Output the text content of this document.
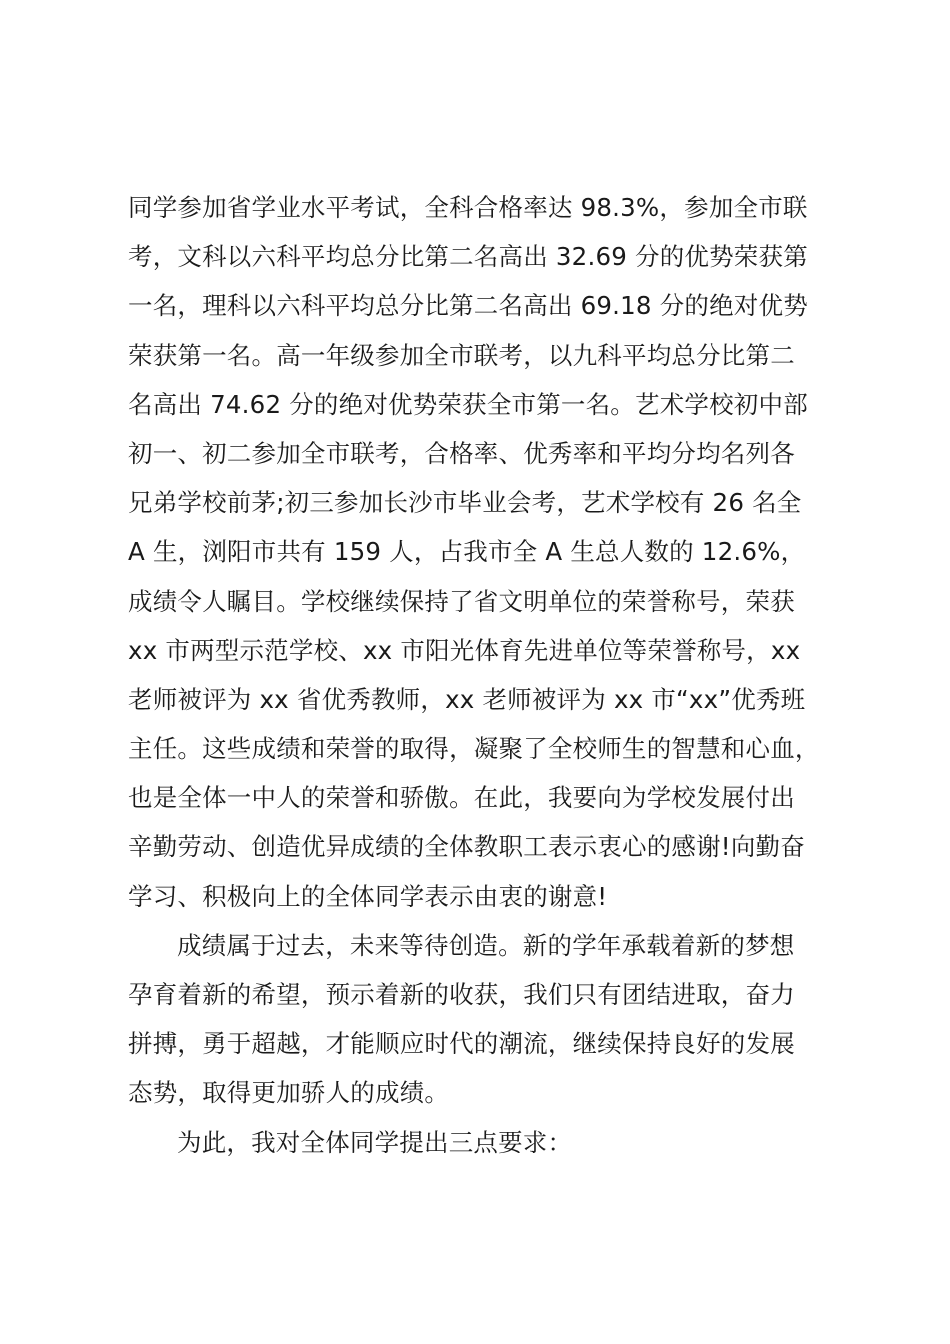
同学参加省学业水平考试，全科合格率达 98.3%，参加全市联
考，文科以六科平均总分比第二名高出 32.69 分的优势荣获第
一名，理科以六科平均总分比第二名高出 69.18 分的绝对优势
荣获第一名。高一年级参加全市联考，以九科平均总分比第二
名高出 74.62 分的绝对优势荣获全市第一名。艺术学校初中部
初一、初二参加全市联考，合格率、优秀率和平均分均名列各
兄弟学校前茅;初三参加长沙市毕业会考，艺术学校有 26 名全
A 生，浏阳市共有 159 人，占我市全 A 生总人数的 12.6%，
成绩令人瞩目。学校继续保持了省文明单位的荣誉称号，荣获
xx 市两型示范学校、xx 市阳光体育先进单位等荣誉称号，xx
老师被评为 xx 省优秀教师，xx 老师被评为 xx 市“xx”优秀班
主任。这些成绩和荣誉的取得，凝聚了全校师生的智慧和心血，
也是全体一中人的荣誉和骄傲。在此，我要向为学校发展付出
辛勤劳动、创造优异成绩的全体教职工表示衷心的感谢!向勤奋
学习、积极向上的全体同学表示由衷的谢意!
成绩属于过去，未来等待创造。新的学年承载着新的梦想
孕育着新的希望，预示着新的收获，我们只有团结进取，奋力
拼搏，勇于超越，才能顺应时代的潮流，继续保持良好的发展
态势，取得更加骄人的成绩。
为此，我对全体同学提出三点要求：
